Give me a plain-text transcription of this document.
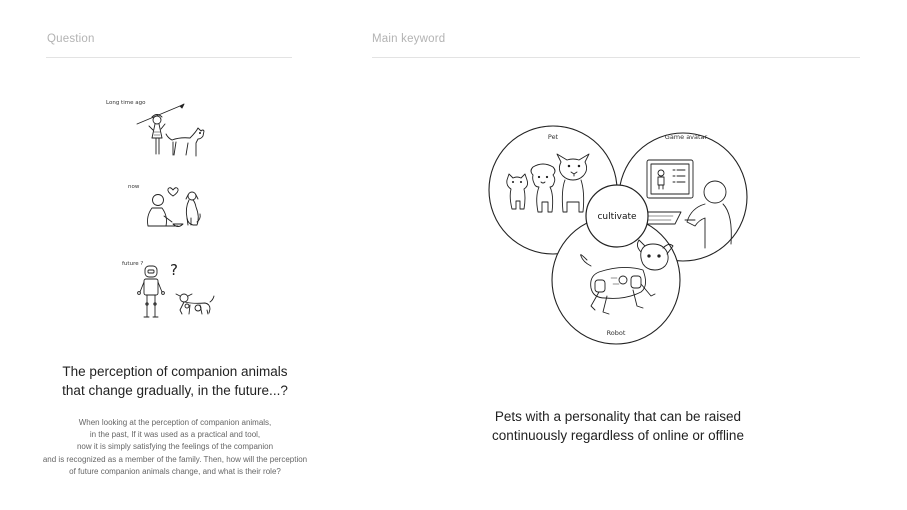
Question	Main keyword
Long time ago
now
future ? ?
Pet	Game avatar
Robot
cultivate
The perception of companion animals
that change gradually, in the future...?
When looking at the perception of companion animals,
in the past, If it was used as a practical and tool,
now it is simply satisfying the feelings of the companion
and is recognized as a member of the family. Then, how will the perception
of future companion animals change, and what is their role?
Pets with a personality that can be raised
continuously regardless of online or offline
